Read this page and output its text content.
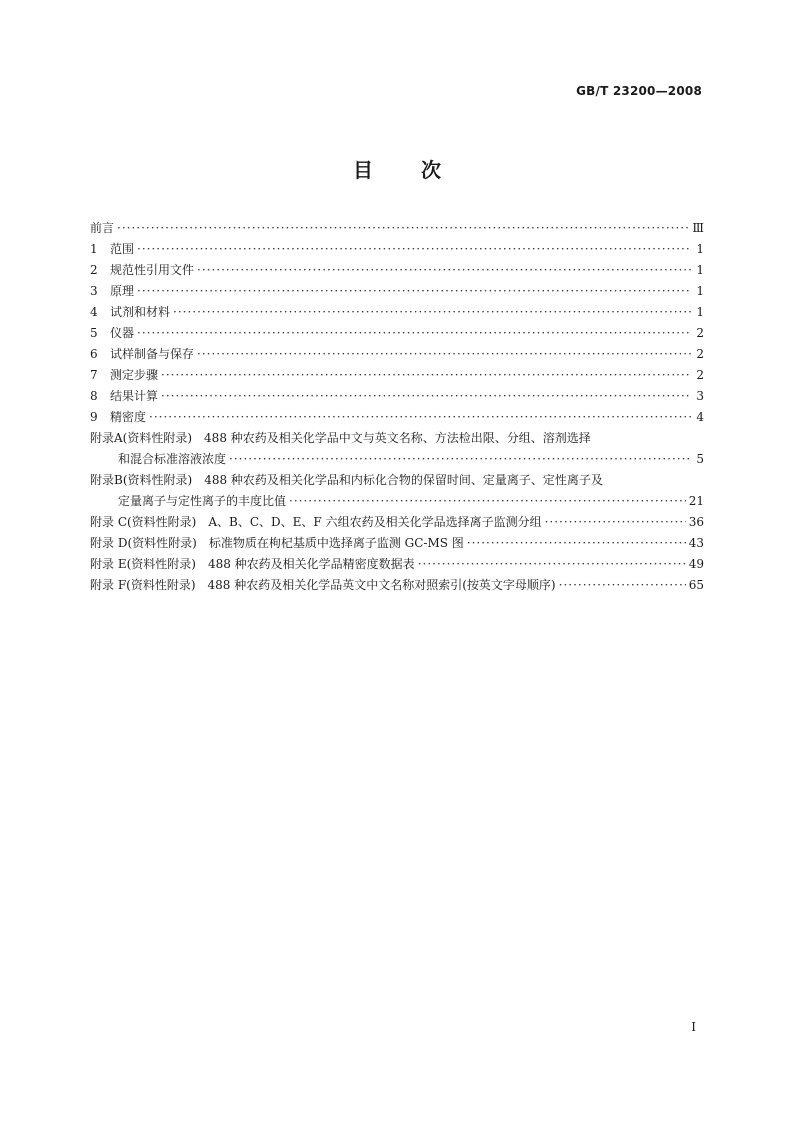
GB/T 23200—2008
目 次
前言 ·····	Ⅲ
1	范围 ·····	1
2	规范性引用文件 ·····	1
3	原理 ·····	1
4	试剂和材料 ·····	1
5	仪器 ·····	2
6	试样制备与保存 ·····	2
7	测定步骤 ·····	2
8	结果计算 ·····	3
9	精密度 ·····	4
附录A(资料性附录) 488 种农药及相关化学品中文与英文名称、方法检出限、分组、溶剂选择
和混合标准溶液浓度 ·····	5
附录B(资料性附录) 488 种农药及相关化学品和内标化合物的保留时间、定量离子、定性离子及
定量离子与定性离子的丰度比值 ·····	21
附录 C(资料性附录) A、B、C、D、E、F 六组农药及相关化学品选择离子监测分组 ·····	36
附录 D(资料性附录) 标准物质在枸杞基质中选择离子监测 GC-MS 图 ·····	43
附录 E(资料性附录) 488 种农药及相关化学品精密度数据表 ·····	49
附录 F(资料性附录) 488 种农药及相关化学品英文中文名称对照索引(按英文字母顺序) ·····	65
I
